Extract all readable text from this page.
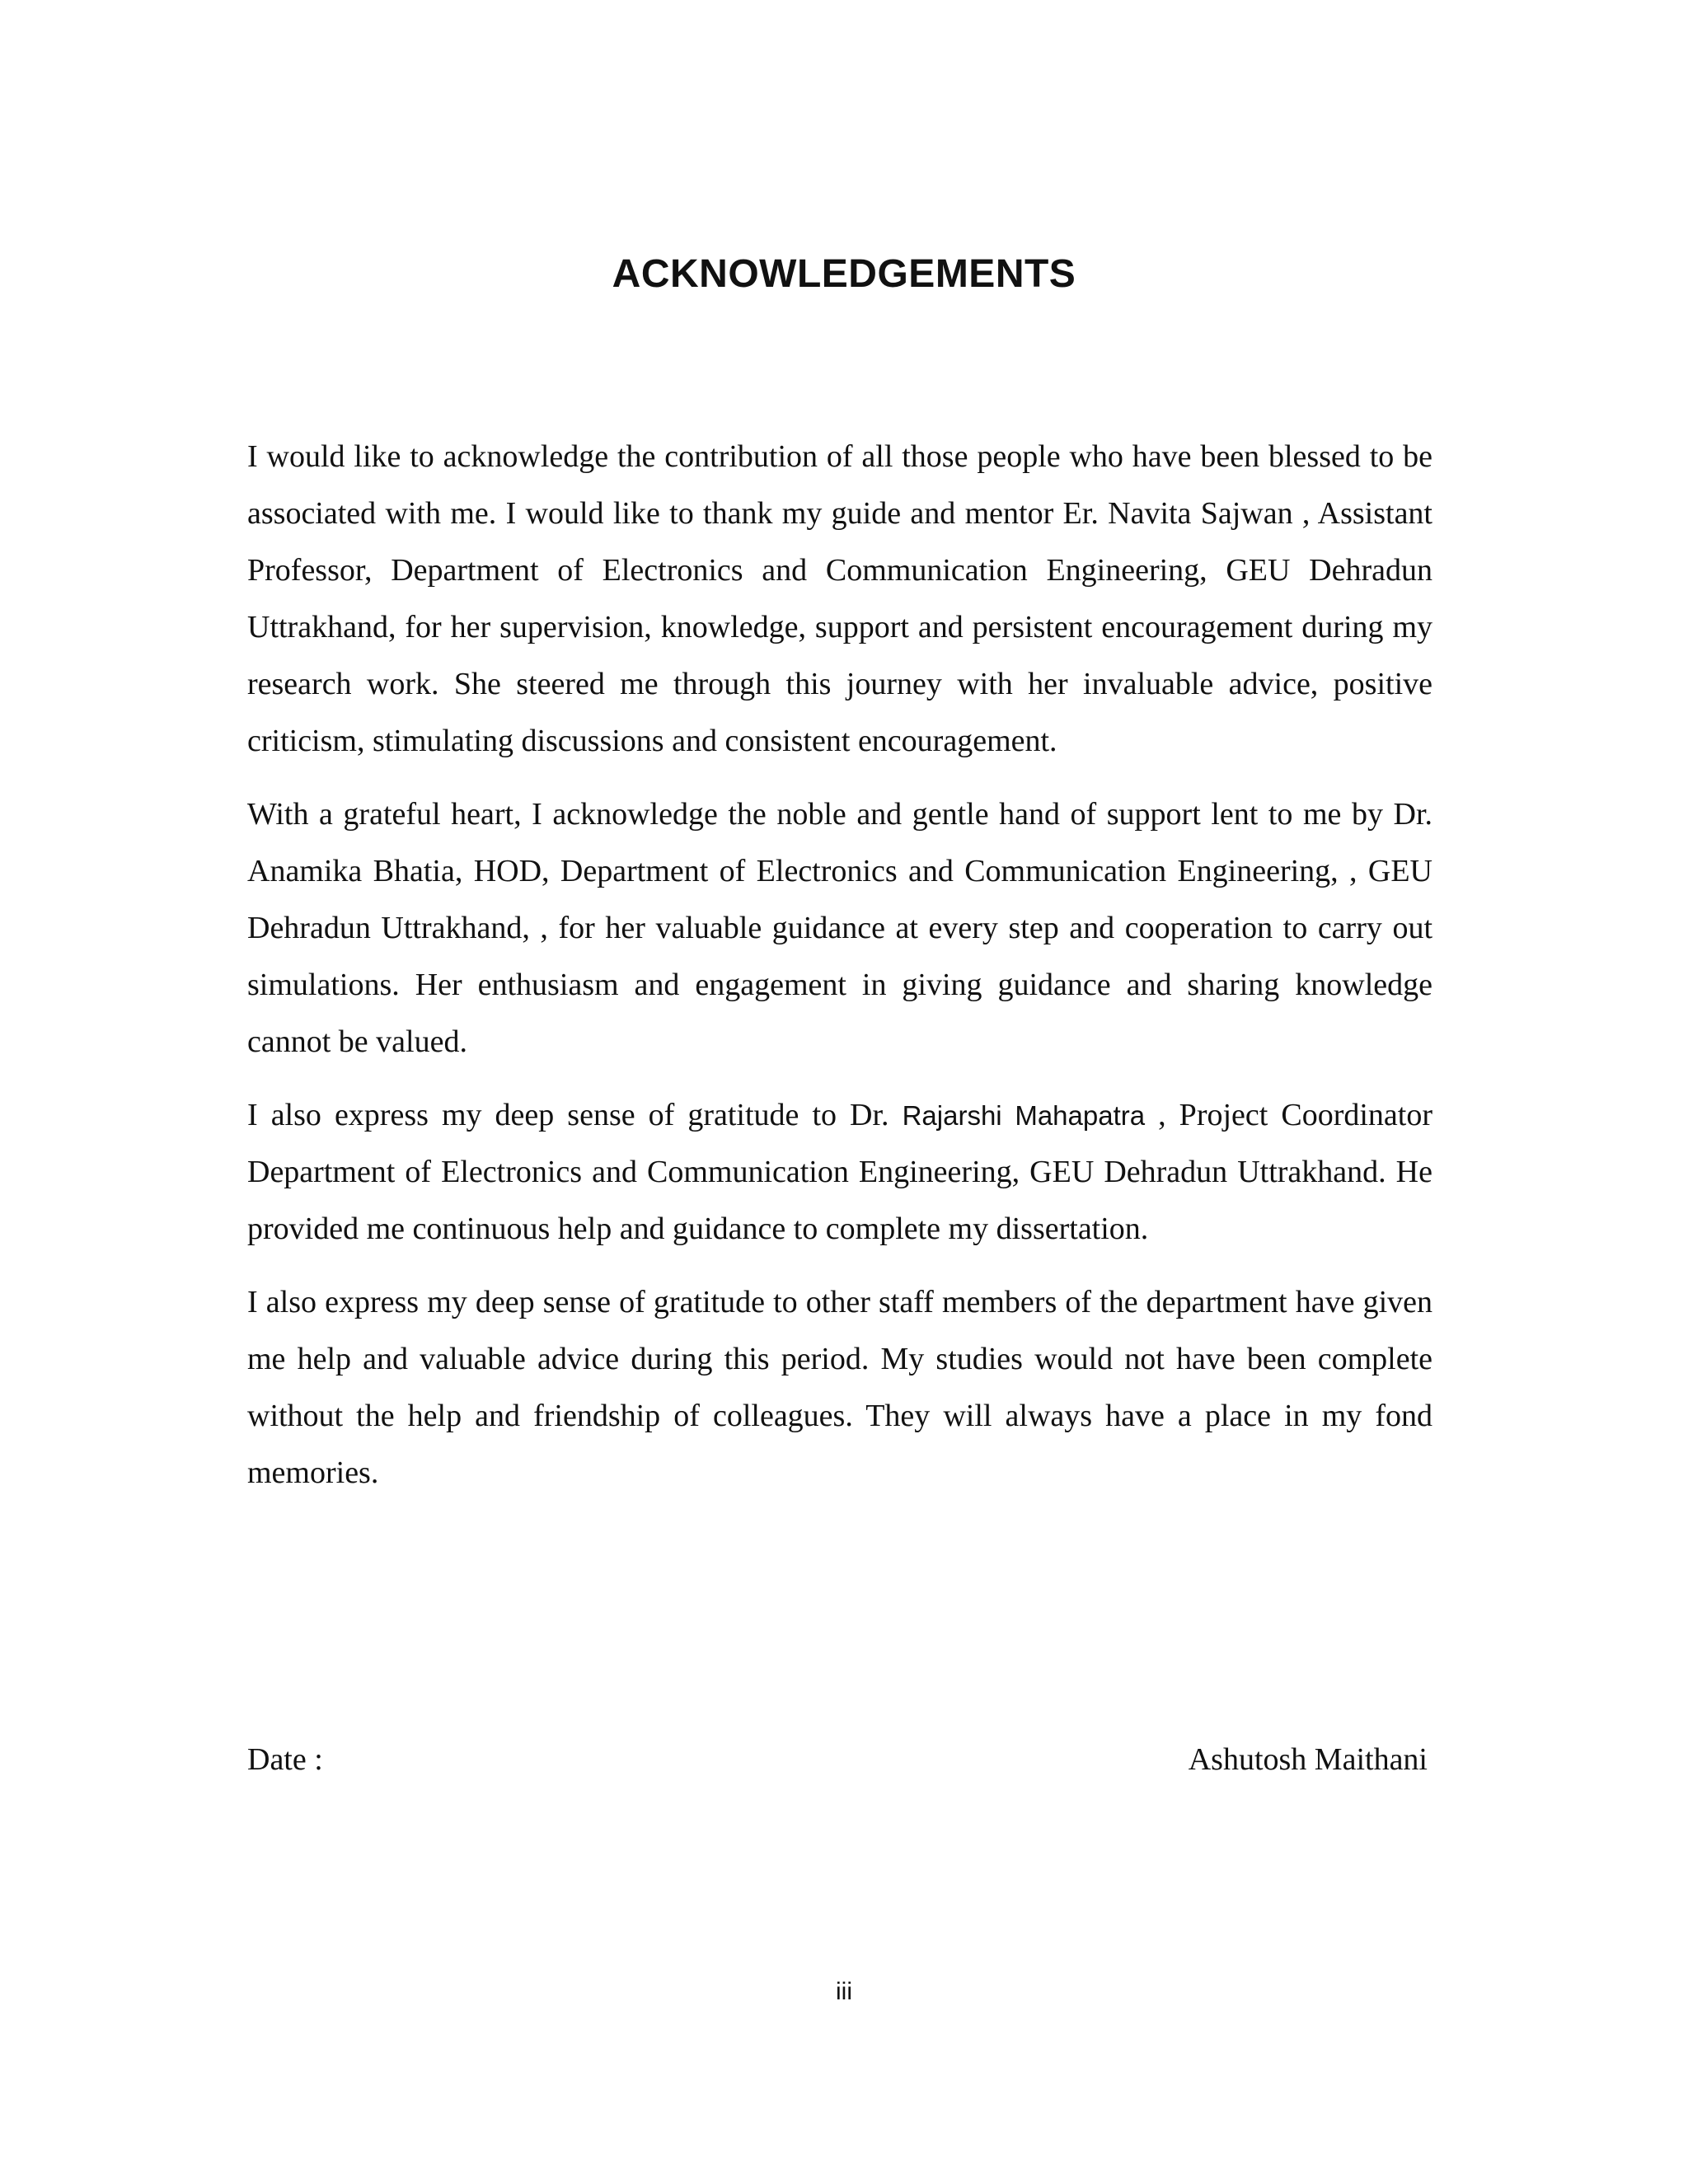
ACKNOWLEDGEMENTS

I would like to acknowledge the contribution of all those people who have been blessed to be associated with me. I would like to thank my guide and mentor Er. Navita Sajwan , Assistant Professor, Department of Electronics and Communication Engineering, GEU Dehradun Uttrakhand, for her supervision, knowledge, support and persistent encouragement during my research work. She steered me through this journey with her invaluable advice, positive criticism, stimulating discussions and consistent encouragement.

With a grateful heart, I acknowledge the noble and gentle hand of support lent to me by Dr. Anamika Bhatia, HOD, Department of Electronics and Communication Engineering, , GEU Dehradun Uttrakhand, , for her valuable guidance at every step and cooperation to carry out simulations. Her enthusiasm and engagement in giving guidance and sharing knowledge cannot be valued.

I also express my deep sense of gratitude to Dr. Rajarshi Mahapatra , Project Coordinator Department of Electronics and Communication Engineering, GEU Dehradun Uttrakhand. He provided me continuous help and guidance to complete my dissertation.

I also express my deep sense of gratitude to other staff members of the department have given me help and valuable advice during this period. My studies would not have been complete without the help and friendship of colleagues. They will always have a place in my fond memories.

Date :	Ashutosh Maithani
iii
